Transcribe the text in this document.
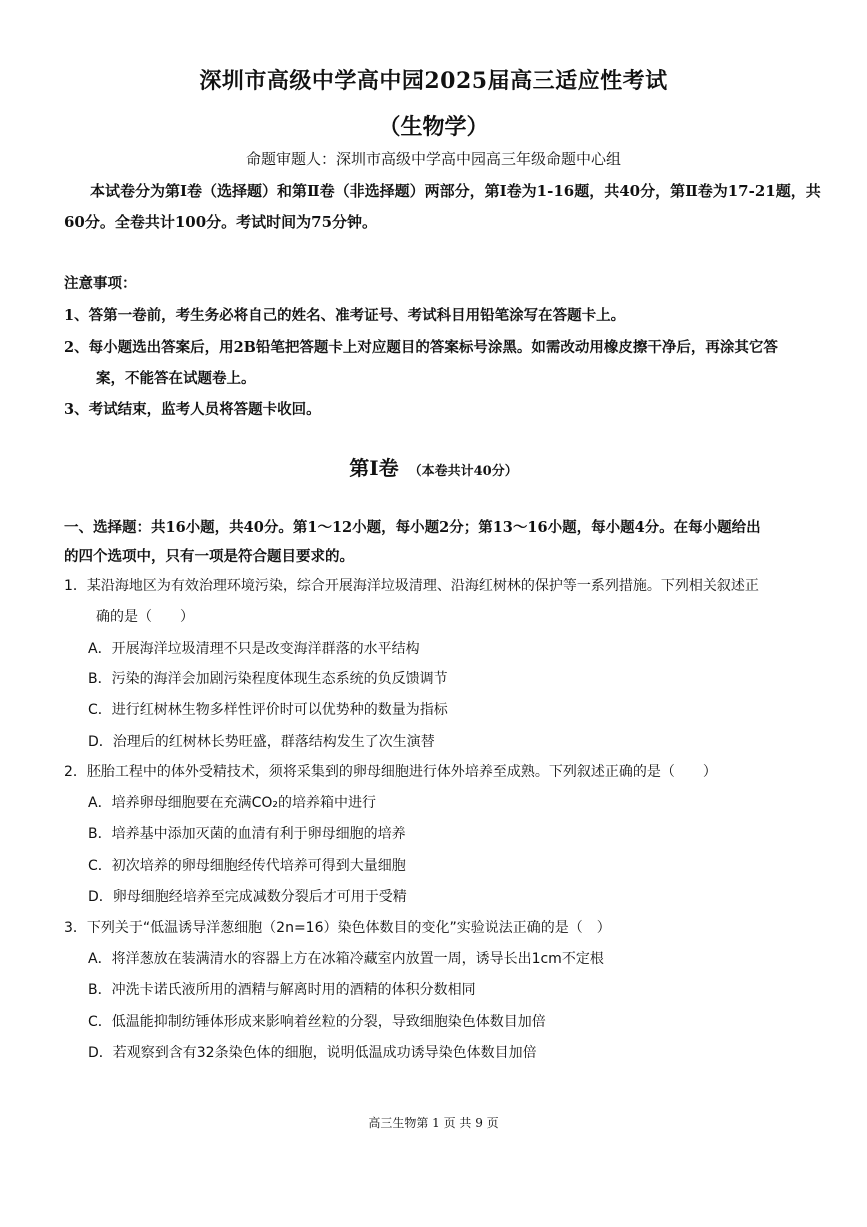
深圳市高级中学高中园2025届高三适应性考试
（生物学）
命题审题人：深圳市高级中学高中园高三年级命题中心组
本试卷分为第Ⅰ卷（选择题）和第Ⅱ卷（非选择题）两部分，第Ⅰ卷为1-16题，共40分，第Ⅱ卷为17-21题，共
60分。全卷共计100分。考试时间为75分钟。
注意事项：
1、答第一卷前，考生务必将自己的姓名、准考证号、考试科目用铅笔涂写在答题卡上。
2、每小题选出答案后，用2B铅笔把答题卡上对应题目的答案标号涂黑。如需改动用橡皮擦干净后，再涂其它答
案，不能答在试题卷上。
3、考试结束，监考人员将答题卡收回。
第Ⅰ卷 （本卷共计40分）
一、选择题：共16小题，共40分。第1～12小题，每小题2分；第13～16小题，每小题4分。在每小题给出
的四个选项中，只有一项是符合题目要求的。
1．某沿海地区为有效治理环境污染，综合开展海洋垃圾清理、沿海红树林的保护等一系列措施。下列相关叙述正
确的是（　　）
A．开展海洋垃圾清理不只是改变海洋群落的水平结构
B．污染的海洋会加剧污染程度体现生态系统的负反馈调节
C．进行红树林生物多样性评价时可以优势种的数量为指标
D．治理后的红树林长势旺盛，群落结构发生了次生演替
2．胚胎工程中的体外受精技术，须将采集到的卵母细胞进行体外培养至成熟。下列叙述正确的是（　　）
A．培养卵母细胞要在充满CO₂的培养箱中进行
B．培养基中添加灭菌的血清有利于卵母细胞的培养
C．初次培养的卵母细胞经传代培养可得到大量细胞
D．卵母细胞经培养至完成减数分裂后才可用于受精
3．下列关于“低温诱导洋葱细胞（2n=16）染色体数目的变化”实验说法正确的是（　）
A．将洋葱放在装满清水的容器上方在冰箱冷藏室内放置一周，诱导长出1cm不定根
B．冲洗卡诺氏液所用的酒精与解离时用的酒精的体积分数相同
C．低温能抑制纺锤体形成来影响着丝粒的分裂，导致细胞染色体数目加倍
D．若观察到含有32条染色体的细胞，说明低温成功诱导染色体数目加倍
高三生物第 1 页 共 9 页
